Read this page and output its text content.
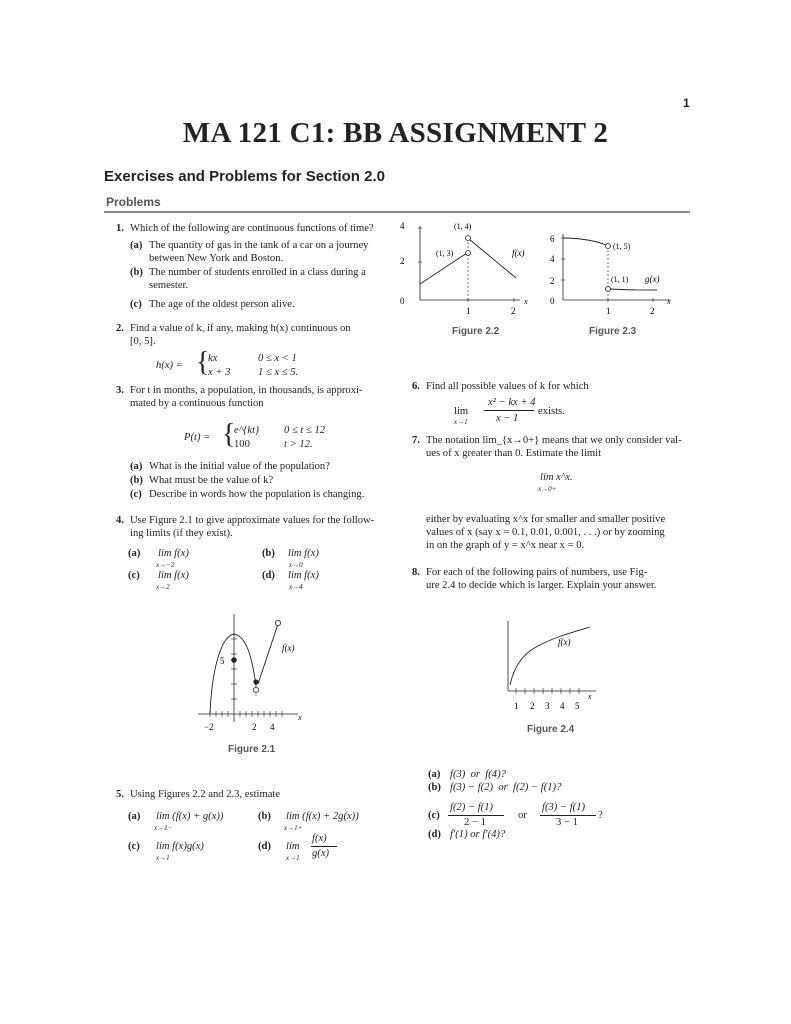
1
MA 121 C1: BB ASSIGNMENT 2
Exercises and Problems for Section 2.0
Problems
1. Which of the following are continuous functions of time?
(a) The quantity of gas in the tank of a car on a journey
between New York and Boston.
(b) The number of students enrolled in a class during a
semester.
(c) The age of the oldest person alive.
2. Find a value of k, if any, making h(x) continuous on
[0, 5].
h(x) = {
kx	0 ≤ x < 1
x + 3	1 ≤ x ≤ 5.
3. For t in months, a population, in thousands, is approxi-
mated by a continuous function
P(t) = {
e^{kt} 0 ≤ t ≤ 12
100	t > 12.
(a) What is the initial value of the population?
(b) What must be the value of k?
(c) Describe in words how the population is changing.
4. Use Figure 2.1 to give approximate values for the follow-
ing limits (if they exist).
(a) lim f(x)
x→−2
(b) lim f(x)
x→0
(c) lim f(x)
x→2
(d) lim f(x)
x→4
5. Using Figures 2.2 and 2.3, estimate
(a) lim (f(x) + g(x))
x→1−
(b) lim (f(x) + 2g(x))
x→1+
(c) lim f(x)g(x)
x→1
(d) lim
x→1
f(x)
g(x)
f(x)
5
−2	2 4
x
Figure 2.1
4
2
0
(1, 4)
(1, 3)	f(x)
1	2
x
Figure 2.2
6
4
2
0
(1, 5)
(1, 1) g(x)
1	2
x
Figure 2.3
6. Find all possible values of k for which
lim
x→1
x² − kx + 4
x − 1
exists.
7. The notation lim_{x→0+} means that we only consider val-
ues of x greater than 0. Estimate the limit
lim x^x.
x→0+
either by evaluating x^x for smaller and smaller positive
values of x (say x = 0.1, 0.01, 0.001, . . .) or by zooming
in on the graph of y = x^x near x = 0.
8. For each of the following pairs of numbers, use Fig-
ure 2.4 to decide which is larger. Explain your answer.
(a) f(3)  or  f(4)?
(b) f(3) − f(2)  or  f(2) − f(1)?
(c)
f(2) − f(1)
2 − 1
or
f(3) − f(1)
3 − 1
?
(d) f′(1) or f′(4)?
f(x)
1 2 3 4 5
x
Figure 2.4
